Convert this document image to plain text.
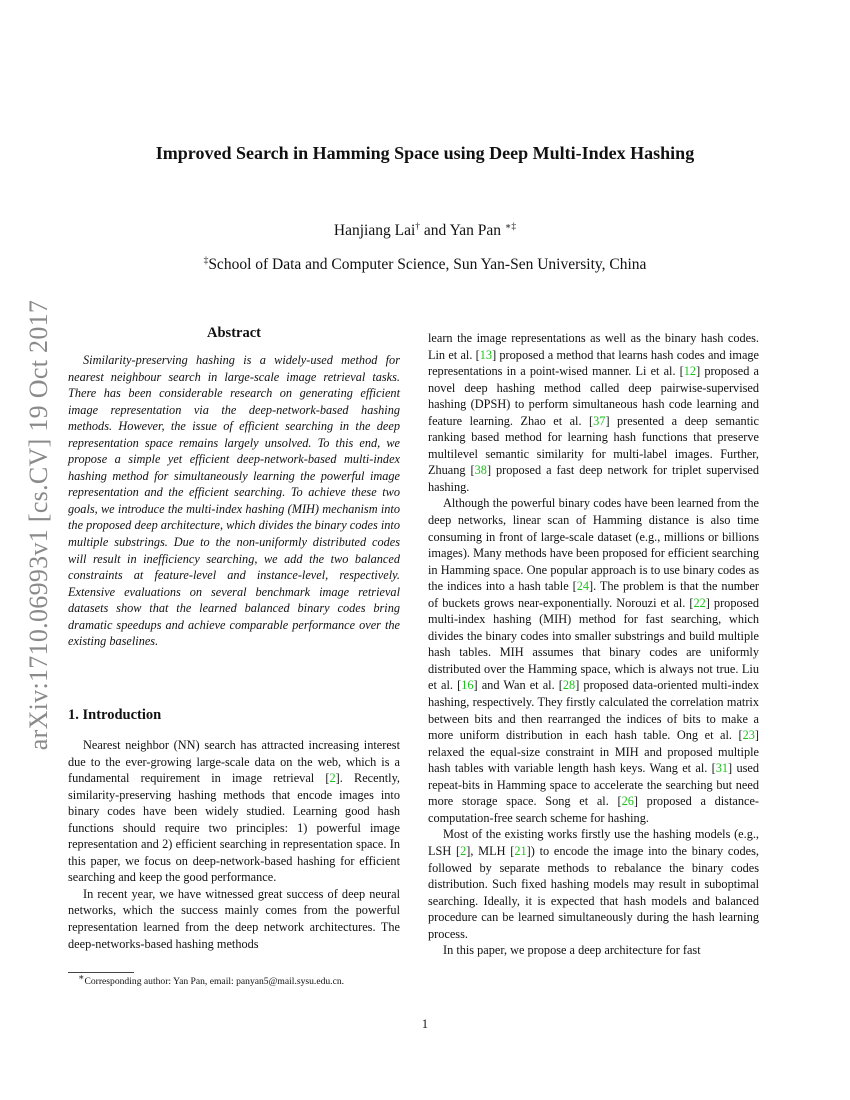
arXiv:1710.06993v1 [cs.CV] 19 Oct 2017
Improved Search in Hamming Space using Deep Multi-Index Hashing
Hanjiang Lai† and Yan Pan ∗‡
‡School of Data and Computer Science, Sun Yan-Sen University, China
Abstract

Similarity-preserving hashing is a widely-used method for nearest neighbour search in large-scale image retrieval tasks. There has been considerable research on generating efficient image representation via the deep-network-based hashing methods. However, the issue of efficient searching in the deep representation space remains largely unsolved. To this end, we propose a simple yet efficient deep-network-based multi-index hashing method for simultaneously learning the powerful image representation and the efficient searching. To achieve these two goals, we introduce the multi-index hashing (MIH) mechanism into the proposed deep architecture, which divides the binary codes into multiple substrings. Due to the non-uniformly distributed codes will result in inefficiency searching, we add the two balanced constraints at feature-level and instance-level, respectively. Extensive evaluations on several benchmark image retrieval datasets show that the learned balanced binary codes bring dramatic speedups and achieve comparable performance over the existing baselines.

1. Introduction

Nearest neighbor (NN) search has attracted increasing interest due to the ever-growing large-scale data on the web, which is a fundamental requirement in image retrieval [2]. Recently, similarity-preserving hashing methods that encode images into binary codes have been widely studied. Learning good hash functions should require two principles: 1) powerful image representation and 2) efficient searching in representation space. In this paper, we focus on deep-network-based hashing for efficient searching and keep the good performance.

In recent year, we have witnessed great success of deep neural networks, which the success mainly comes from the powerful representation learned from the deep network architectures. The deep-networks-based hashing methods

learn the image representations as well as the binary hash codes. Lin et al. [13] proposed a method that learns hash codes and image representations in a point-wised manner. Li et al. [12] proposed a novel deep hashing method called deep pairwise-supervised hashing (DPSH) to perform simultaneous hash code learning and feature learning. Zhao et al. [37] presented a deep semantic ranking based method for learning hash functions that preserve multilevel semantic similarity for multi-label images. Further, Zhuang [38] proposed a fast deep network for triplet supervised hashing.

Although the powerful binary codes have been learned from the deep networks, linear scan of Hamming distance is also time consuming in front of large-scale dataset (e.g., millions or billions images). Many methods have been proposed for efficient searching in Hamming space. One popular approach is to use binary codes as the indices into a hash table [24]. The problem is that the number of buckets grows near-exponentially. Norouzi et al. [22] proposed multi-index hashing (MIH) method for fast searching, which divides the binary codes into smaller substrings and build multiple hash tables. MIH assumes that binary codes are uniformly distributed over the Hamming space, which is always not true. Liu et al. [16] and Wan et al. [28] proposed data-oriented multi-index hashing, respectively. They firstly calculated the correlation matrix between bits and then rearranged the indices of bits to make a more uniform distribution in each hash table. Ong et al. [23] relaxed the equal-size constraint in MIH and proposed multiple hash tables with variable length hash keys. Wang et al. [31] used repeat-bits in Hamming space to accelerate the searching but need more storage space. Song et al. [26] proposed a distance-computation-free search scheme for hashing.

Most of the existing works firstly use the hashing models (e.g., LSH [2], MLH [21]) to encode the image into the binary codes, followed by separate methods to rebalance the binary codes distribution. Such fixed hashing models may result in suboptimal searching. Ideally, it is expected that hash models and balanced procedure can be learned simultaneously during the hash learning process.

In this paper, we propose a deep architecture for fast

∗Corresponding author: Yan Pan, email: panyan5@mail.sysu.edu.cn.
1
